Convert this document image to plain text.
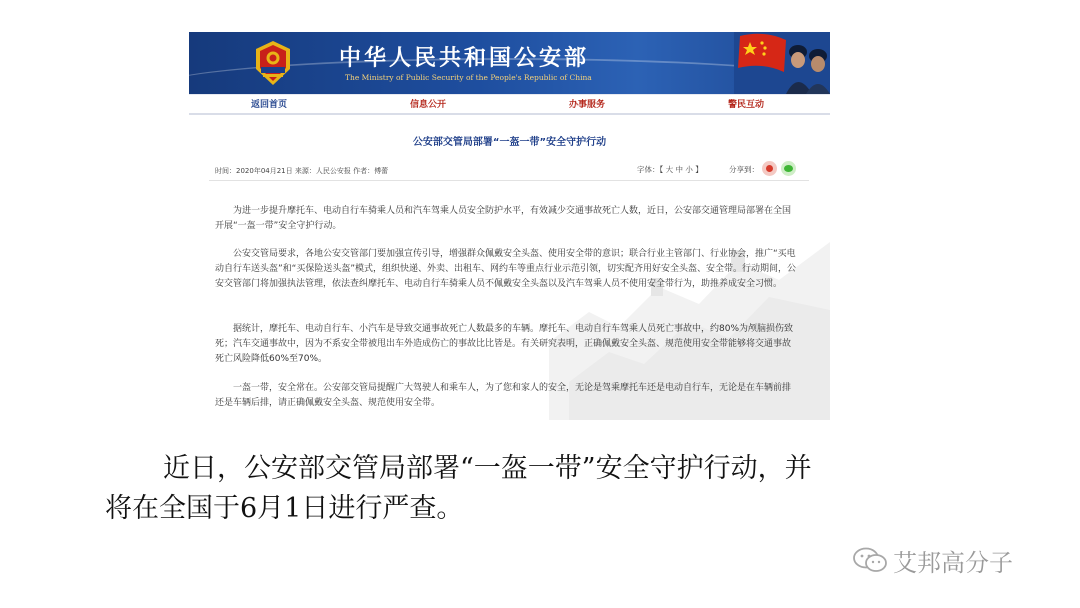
中华人民共和国公安部
The Ministry of Public Security of the People's Republic of China
返回首页	信息公开	办事服务	警民互动
公安部交管局部署“一盔一带”安全守护行动
时间：2020年04月21日 来源：人民公安报 作者：傅蕾	字体：【 大 中 小 】	分享到：

为进一步提升摩托车、电动自行车骑乘人员和汽车驾乘人员安全防护水平，有效减少交通事故死亡人数，近日，公安部交通管理局部署在全国开展“一盔一带”安全守护行动。

公安交管局要求，各地公安交管部门要加强宣传引导，增强群众佩戴安全头盔、使用安全带的意识；联合行业主管部门、行业协会，推广“买电动自行车送头盔”和“买保险送头盔”模式，组织快递、外卖、出租车、网约车等重点行业示范引领，切实配齐用好安全头盔、安全带。行动期间，公安交管部门将加强执法管理，依法查纠摩托车、电动自行车骑乘人员不佩戴安全头盔以及汽车驾乘人员不使用安全带行为，助推养成安全习惯。

据统计，摩托车、电动自行车、小汽车是导致交通事故死亡人数最多的车辆。摩托车、电动自行车驾乘人员死亡事故中，约80%为颅脑损伤致死；汽车交通事故中，因为不系安全带被甩出车外造成伤亡的事故比比皆是。有关研究表明，正确佩戴安全头盔、规范使用安全带能够将交通事故死亡风险降低60%至70%。

一盔一带，安全常在。公安部交管局提醒广大驾驶人和乘车人，为了您和家人的安全，无论是驾乘摩托车还是电动自行车，无论是在车辆前排还是车辆后排，请正确佩戴安全头盔、规范使用安全带。

近日，公安部交管局部署“一盔一带”安全守护行动，并
将在全国于6月1日进行严查。

艾邦高分子
